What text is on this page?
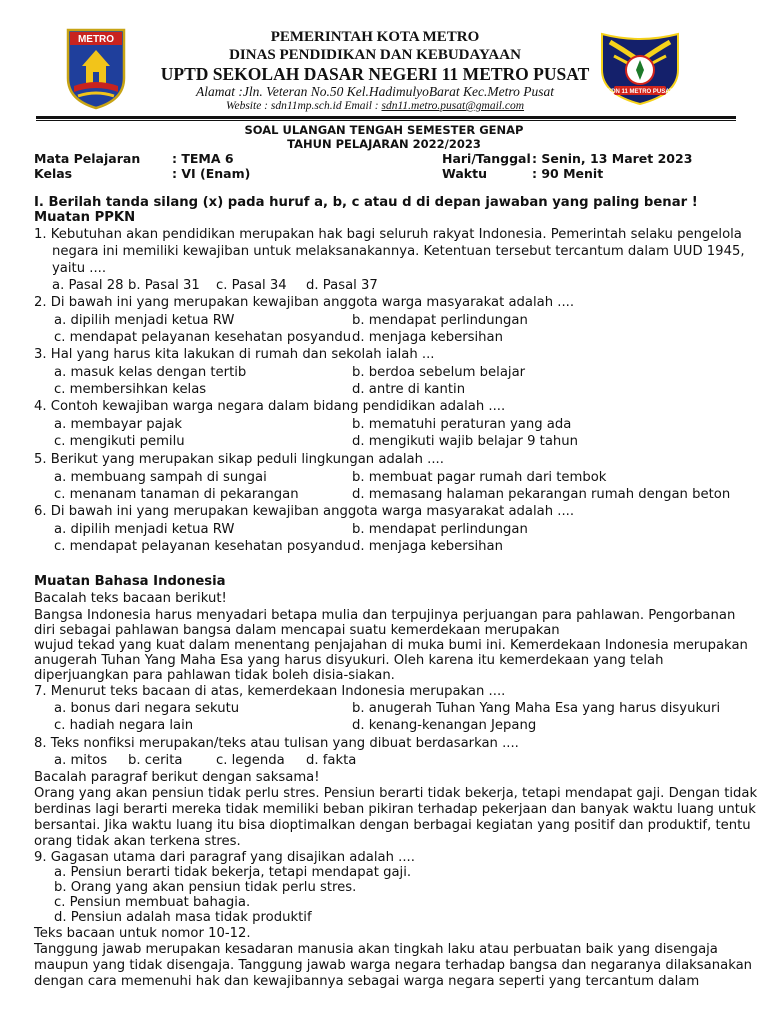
METRO	PEMERINTAH KOTA METRO
DINAS PENDIDIKAN DAN KEBUDAYAAN
UPTD SEKOLAH DASAR NEGERI 11 METRO PUSAT
Alamat :Jln. Veteran No.50 Kel.HadimulyoBarat Kec.Metro Pusat
Website : sdn11mp.sch.id Email : sdn11.metro.pusat@gmail.com
SDN 11 METRO PUSAT
SOAL ULANGAN TENGAH SEMESTER GENAP
TAHUN PELAJARAN 2022/2023
Mata Pelajaran	: TEMA 6
Kelas	: VI (Enam)
Hari/Tanggal : Senin, 13 Maret 2023
Waktu	: 90 Menit
I. Berilah tanda silang (x) pada huruf a, b, c atau d di depan jawaban yang paling benar !
Muatan PPKN
1. Kebutuhan akan pendidikan merupakan hak bagi seluruh rakyat Indonesia. Pemerintah selaku pengelola
negara ini memiliki kewajiban untuk melaksanakannya. Ketentuan tersebut tercantum dalam UUD 1945,
yaitu ....
a. Pasal 28 b. Pasal 31 c. Pasal 34 d. Pasal 37
2. Di bawah ini yang merupakan kewajiban anggota warga masyarakat adalah ....
a. dipilih menjadi ketua RW	b. mendapat perlindungan
c. mendapat pelayanan kesehatan posyandu d. menjaga kebersihan
3. Hal yang harus kita lakukan di rumah dan sekolah ialah ...
a. masuk kelas dengan tertib	b. berdoa sebelum belajar
c. membersihkan kelas	d. antre di kantin
4. Contoh kewajiban warga negara dalam bidang pendidikan adalah ....
a. membayar pajak	b. mematuhi peraturan yang ada
c. mengikuti pemilu	d. mengikuti wajib belajar 9 tahun
5. Berikut yang merupakan sikap peduli lingkungan adalah ....
a. membuang sampah di sungai	b. membuat pagar rumah dari tembok
c. menanam tanaman di pekarangan	d. memasang halaman pekarangan rumah dengan beton
6. Di bawah ini yang merupakan kewajiban anggota warga masyarakat adalah ....
a. dipilih menjadi ketua RW	b. mendapat perlindungan
c. mendapat pelayanan kesehatan posyandu d. menjaga kebersihan
Muatan Bahasa Indonesia
Bacalah teks bacaan berikut!
Bangsa Indonesia harus menyadari betapa mulia dan terpujinya perjuangan para pahlawan. Pengorbanan
diri sebagai pahlawan bangsa dalam mencapai suatu kemerdekaan merupakan
wujud tekad yang kuat dalam menentang penjajahan di muka bumi ini. Kemerdekaan Indonesia merupakan
anugerah Tuhan Yang Maha Esa yang harus disyukuri. Oleh karena itu kemerdekaan yang telah
diperjuangkan para pahlawan tidak boleh disia-siakan.
7. Menurut teks bacaan di atas, kemerdekaan Indonesia merupakan ....
a. bonus dari negara sekutu	b. anugerah Tuhan Yang Maha Esa yang harus disyukuri
c. hadiah negara lain	d. kenang-kenangan Jepang
8. Teks nonfiksi merupakan/teks atau tulisan yang dibuat berdasarkan ....
a. mitos b. cerita	c. legenda d. fakta
Bacalah paragraf berikut dengan saksama!
Orang yang akan pensiun tidak perlu stres. Pensiun berarti tidak bekerja, tetapi mendapat gaji. Dengan tidak
berdinas lagi berarti mereka tidak memiliki beban pikiran terhadap pekerjaan dan banyak waktu luang untuk
bersantai. Jika waktu luang itu bisa dioptimalkan dengan berbagai kegiatan yang positif dan produktif, tentu
orang tidak akan terkena stres.
9. Gagasan utama dari paragraf yang disajikan adalah ....
a. Pensiun berarti tidak bekerja, tetapi mendapat gaji.
b. Orang yang akan pensiun tidak perlu stres.
c. Pensiun membuat bahagia.
d. Pensiun adalah masa tidak produktif
Teks bacaan untuk nomor 10-12.
Tanggung jawab merupakan kesadaran manusia akan tingkah laku atau perbuatan baik yang disengaja
maupun yang tidak disengaja. Tanggung jawab warga negara terhadap bangsa dan negaranya dilaksanakan
dengan cara memenuhi hak dan kewajibannya sebagai warga negara seperti yang tercantum dalam
